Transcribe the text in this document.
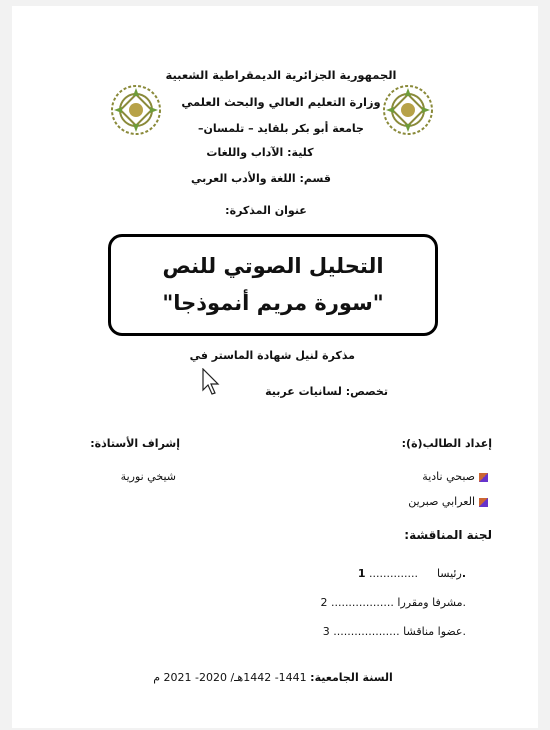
الجمهورية الجزائرية الديمقراطية الشعبية
وزارة التعليم العالي والبحث العلمي
جامعة أبو بكر بلقايد – تلمسان–
كلية: الآداب واللغات
قسم: اللغة والأدب العربي
عنوان المذكرة:
التحليل الصوتي للنص
"سورة مريم أنموذجا"
مذكرة لنيل شهادة الماستر في
تخصص: لسانيات عربية
إعداد الطالب(ة):
إشراف الأستاذة:
صبحي نادية
العرابي صبرين
شيخي نورية
لجنة المناقشة:
رئيسا  .............. 1.
مشرفا ومقررا .................. 2.
عضوا مناقشا ................... 3.
السنة الجامعية: 1441- 1442هـ/ 2020- 2021 م
